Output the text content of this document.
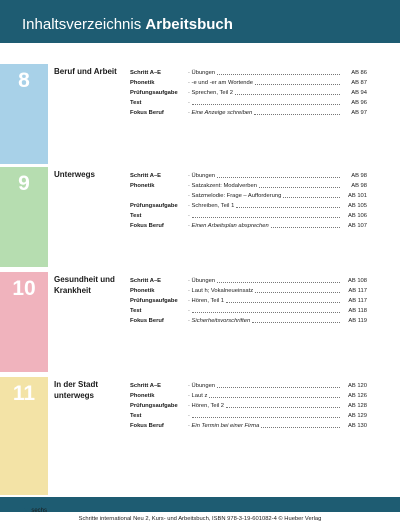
Inhaltsverzeichnis Arbeitsbuch
8	Beruf und Arbeit	Schritt A–E	· Übungen	AB 86
Phonetik	· -e und -er am Wortende	AB 87
Prüfungsaufgabe · Sprechen, Teil 2	AB 94
Test	·	AB 96
Fokus Beruf	· Eine Anzeige schreiben	AB 97
9	Unterwegs	Schritt A–E	· Übungen	AB 98
Phonetik	· Satzakzent: Modalverben	AB 98
· Satzmelodie: Frage – Aufforderung	AB 101
Prüfungsaufgabe · Schreiben, Teil 1	AB 105
Test	·	AB 106
Fokus Beruf	· Einen Arbeitsplan absprechen	AB 107
10	Gesundheit und Krankheit
Schritt A–E	· Übungen	AB 108
Phonetik	· Laut h; Vokalneueinsatz	AB 117
Prüfungsaufgabe · Hören, Teil 1	AB 117
Test	·	AB 118
Fokus Beruf	· Sicherheitsvorschriften	AB 119
11	In der Stadt unterwegs
Schritt A–E	· Übungen	AB 120
Phonetik	· Laut z	AB 126
Prüfungsaufgabe · Hören, Teil 2	AB 128
Test	·	AB 129
Fokus Beruf	· Ein Termin bei einer Firma	AB 130
VI sechs
Schritte international Neu 2, Kurs- und Arbeitsbuch, ISBN 978-3-19-601082-4 © Hueber Verlag
